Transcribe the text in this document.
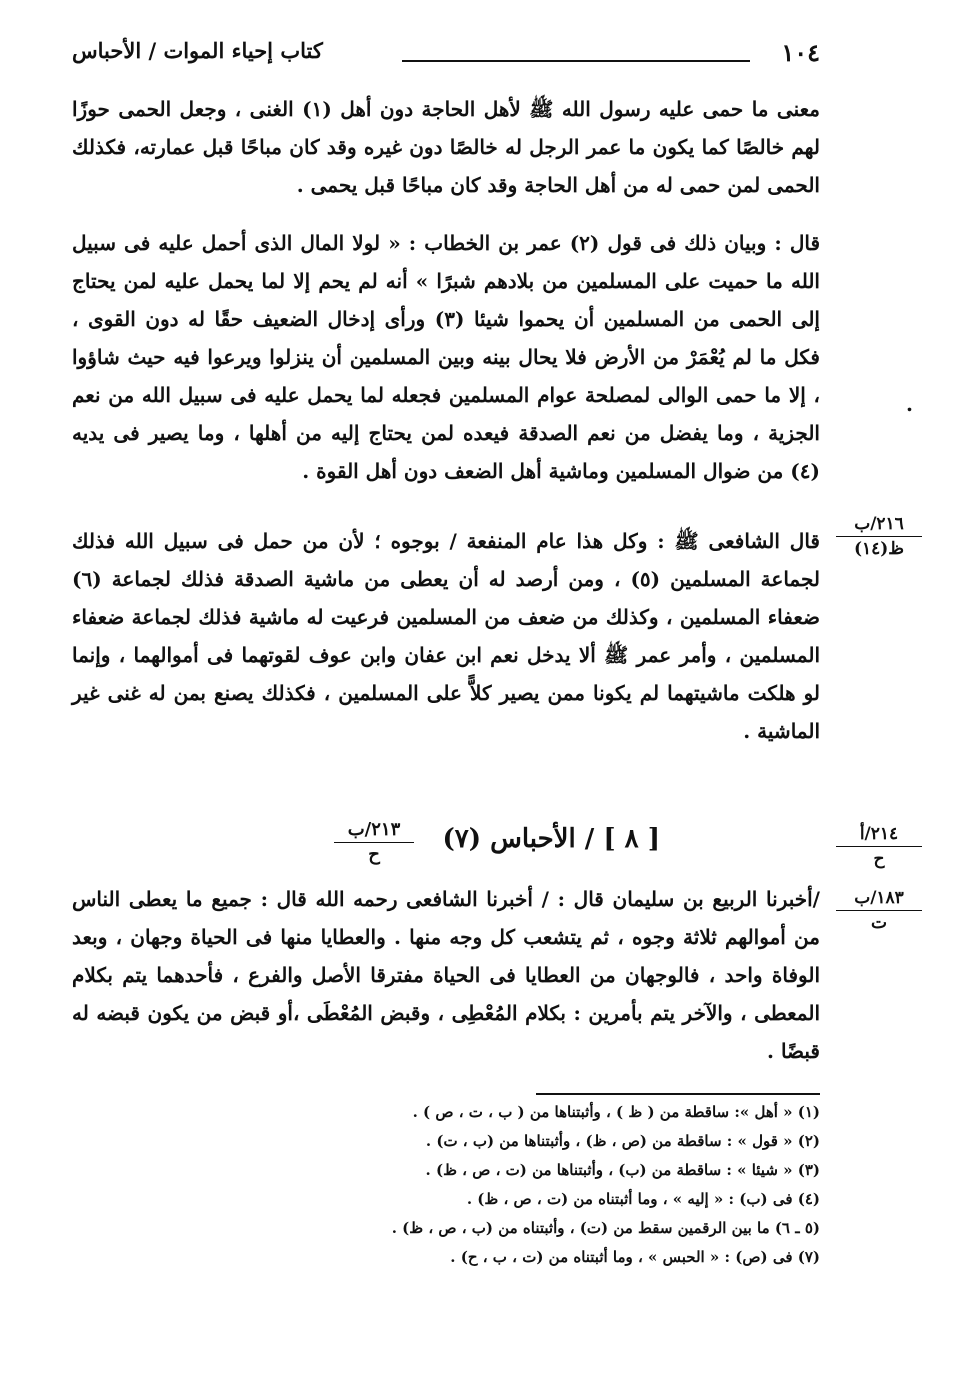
١٠٤
كتاب إحياء الموات / الأحباس
معنى ما حمى عليه رسول الله ﷺ لأهل الحاجة دون أهل (١) الغنى ، وجعل الحمى حوزًا لهم خالصًا كما يكون ما عمر الرجل له خالصًا دون غيره وقد كان مباحًا قبل عمارته، فكذلك الحمى لمن حمى له من أهل الحاجة وقد كان مباحًا قبل يحمى .
قال : وبيان ذلك فى قول (٢) عمر بن الخطاب : « لولا المال الذى أحمل عليه فى سبيل الله ما حميت على المسلمين من بلادهم شبرًا » أنه لم يحم إلا لما يحمل عليه لمن يحتاج إلى الحمى من المسلمين أن يحموا شيئا (٣) ورأى إدخال الضعيف حقًا له دون القوى ، فكل ما لم يُعْمَرْ من الأرض فلا يحال بينه وبين المسلمين أن ينزلوا ويرعوا فيه حيث شاؤوا ، إلا ما حمى الوالى لمصلحة عوام المسلمين فجعله لما يحمل عليه فى سبيل الله من نعم الجزية ، وما يفضل من نعم الصدقة فيعده لمن يحتاج إليه من أهلها ، وما يصير فى يديه (٤) من ضوال المسلمين وماشية أهل الضعف دون أهل القوة .
قال الشافعى ﷺ : وكل هذا عام المنفعة / بوجوه ؛ لأن من حمل فى سبيل الله فذلك لجماعة المسلمين (٥) ، ومن أرصد له أن يعطى من ماشية الصدقة فذلك لجماعة (٦) ضعفاء المسلمين ، وكذلك من ضعف من المسلمين فرعيت له ماشية فذلك لجماعة ضعفاء المسلمين ، وأمر عمر ﷺ ألا يدخل نعم ابن عفان وابن عوف لقوتهما فى أموالهما ، وإنما لو هلكت ماشيتهما لم يكونا ممن يصير كلاًّ على المسلمين ، فكذلك يصنع بمن له غنى غير الماشية .
.
٢١٦/ب
ظ(١٤)
[ ٨ ] / الأحباس (٧)
٢١٣/ب
ح
٢١٤/أ
ح
١٨٣/ب
ت
/أخبرنا الربيع بن سليمان قال : / أخبرنا الشافعى رحمه الله قال : جميع ما يعطى الناس من أموالهم ثلاثة وجوه ، ثم يتشعب كل وجه منها . والعطايا منها فى الحياة وجهان ، وبعد الوفاة واحد ، فالوجهان من العطايا فى الحياة مفترقا الأصل والفرع ، فأحدهما يتم بكلام المعطى ، والآخر يتم بأمرين : بكلام المُعْطِى ، وقبض المُعْطَى ،أو قبض من يكون قبضه له قبضًا .
(١) « أهل »: ساقطة من ( ظ ) ، وأثبتناها من ( ب ، ت ، ص ) .
(٢) « قول » : ساقطة من (ص ، ظ) ، وأثبتناها من (ب ، ت) .
(٣) « شيئا » : ساقطة من (ب) ، وأثبتناها من (ت ، ص ، ظ) .
(٤) فى (ب) : « إليه » ، وما أثبتناه من (ت ، ص ، ظ) .
(٥ ـ ٦) ما بين الرقمين سقط من (ت) ، وأثبتناه من (ب ، ص ، ظ) .
(٧) فى (ص) : « الحبس » ، وما أثبتناه من (ت ، ب ، ح) .
